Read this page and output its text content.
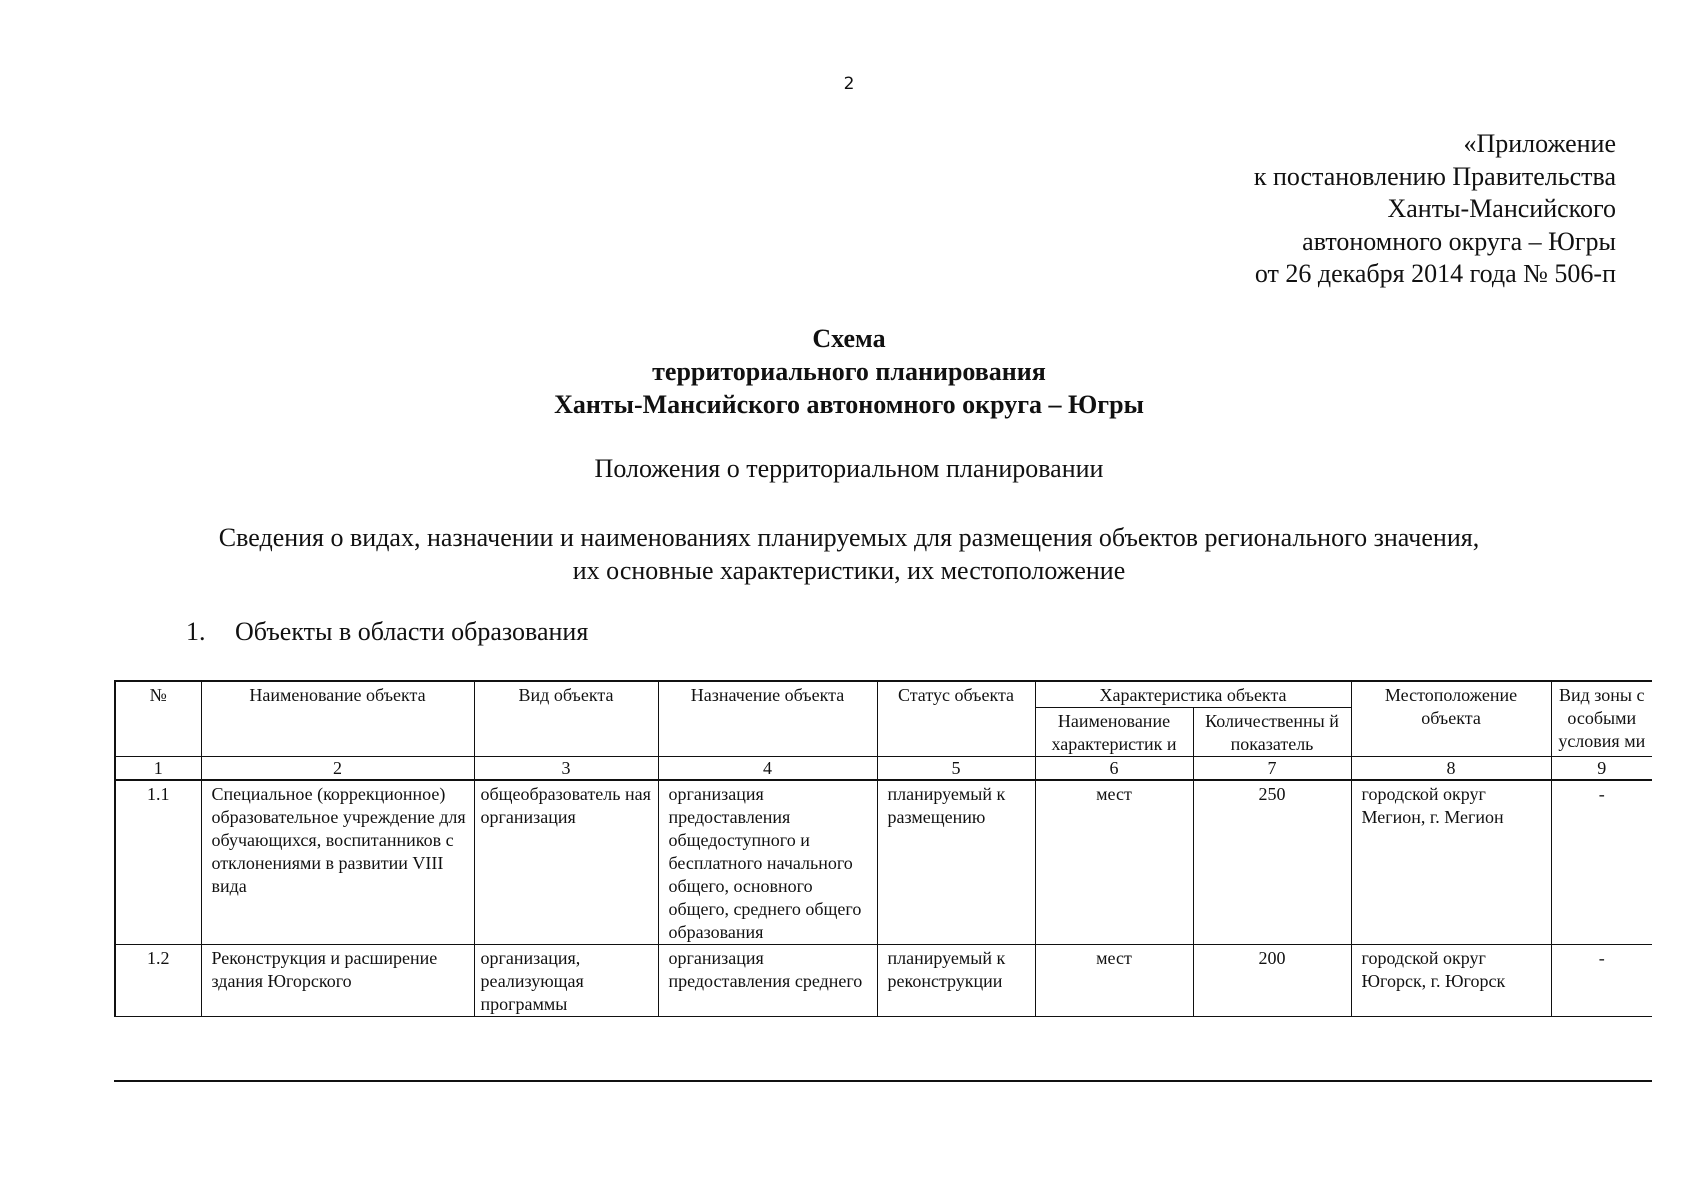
2
«Приложение
к постановлению Правительства
Ханты-Мансийского
автономного округа – Югры
от 26 декабря 2014 года № 506-п
Схема
территориального планирования
Ханты-Мансийского автономного округа – Югры
Положения о территориальном планировании
Сведения о видах, назначении и наименованиях планируемых для размещения объектов регионального значения,
их основные характеристики, их местоположение
1. Объекты в области образования
№	Наименование объекта	Вид объекта	Назначение объекта	Статус объекта	Характеристика объекта		Местоположение объекта	Вид зоны с особыми условия ми
					Наименование характеристик и	Количественны й показатель		
1	2	3	4	5	6	7	8	9
1.1	Специальное (коррекционное) образовательное учреждение для обучающихся, воспитанников с отклонениями в развитии VIII вида	общеобразователь ная организация	организация предоставления общедоступного и бесплатного начального общего, основного общего, среднего общего образования	планируемый к размещению	мест	250	городской округ Мегион, г. Мегион	-
1.2	Реконструкция и расширение здания Югорского	организация, реализующая программы	организация предоставления среднего	планируемый к реконструкции	мест	200	городской округ Югорск, г. Югорск	-
